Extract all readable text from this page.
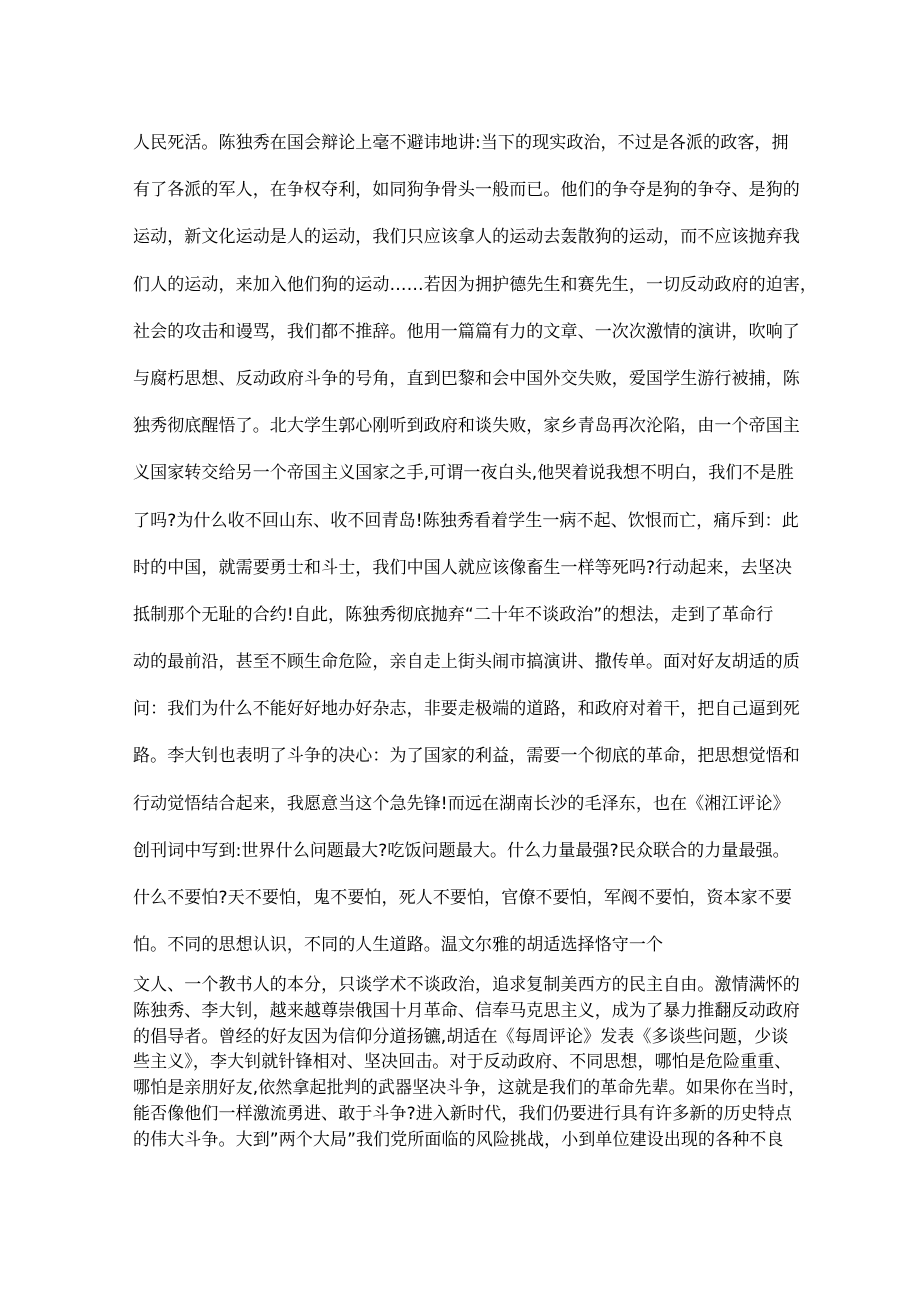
人民死活。陈独秀在国会辩论上毫不避讳地讲:当下的现实政治，不过是各派的政客，拥
有了各派的军人，在争权夺利，如同狗争骨头一般而已。他们的争夺是狗的争夺、是狗的
运动，新文化运动是人的运动，我们只应该拿人的运动去轰散狗的运动，而不应该抛弃我
们人的运动，来加入他们狗的运动……若因为拥护德先生和赛先生，一切反动政府的迫害，
社会的攻击和谩骂，我们都不推辞。他用一篇篇有力的文章、一次次激情的演讲，吹响了
与腐朽思想、反动政府斗争的号角，直到巴黎和会中国外交失败，爱国学生游行被捕，陈
独秀彻底醒悟了。北大学生郭心刚听到政府和谈失败，家乡青岛再次沦陷，由一个帝国主
义国家转交给另一个帝国主义国家之手,可谓一夜白头,他哭着说我想不明白，我们不是胜
了吗?为什么收不回山东、收不回青岛!陈独秀看着学生一病不起、饮恨而亡，痛斥到：此
时的中国，就需要勇士和斗士，我们中国人就应该像畜生一样等死吗?行动起来，去坚决
抵制那个无耻的合约!自此，陈独秀彻底抛弃“二十年不谈政治”的想法，走到了革命行
动的最前沿，甚至不顾生命危险，亲自走上街头闹市搞演讲、撒传单。面对好友胡适的质
问：我们为什么不能好好地办好杂志，非要走极端的道路，和政府对着干，把自己逼到死
路。李大钊也表明了斗争的决心：为了国家的利益，需要一个彻底的革命，把思想觉悟和
行动觉悟结合起来，我愿意当这个急先锋!而远在湖南长沙的毛泽东，也在《湘江评论》
创刊词中写到:世界什么问题最大?吃饭问题最大。什么力量最强?民众联合的力量最强。
什么不要怕?天不要怕，鬼不要怕，死人不要怕，官僚不要怕，军阀不要怕，资本家不要
怕。不同的思想认识，不同的人生道路。温文尔雅的胡适选择恪守一个
文人、一个教书人的本分，只谈学术不谈政治，追求复制美西方的民主自由。激情满怀的
陈独秀、李大钊，越来越尊崇俄国十月革命、信奉马克思主义，成为了暴力推翻反动政府
的倡导者。曾经的好友因为信仰分道扬镳,胡适在《每周评论》发表《多谈些问题，少谈
些主义》，李大钊就针锋相对、坚决回击。对于反动政府、不同思想，哪怕是危险重重、
哪怕是亲朋好友,依然拿起批判的武器坚决斗争，这就是我们的革命先辈。如果你在当时，
能否像他们一样激流勇进、敢于斗争?进入新时代，我们仍要进行具有许多新的历史特点
的伟大斗争。大到”两个大局”我们党所面临的风险挑战，小到单位建设出现的各种不良
